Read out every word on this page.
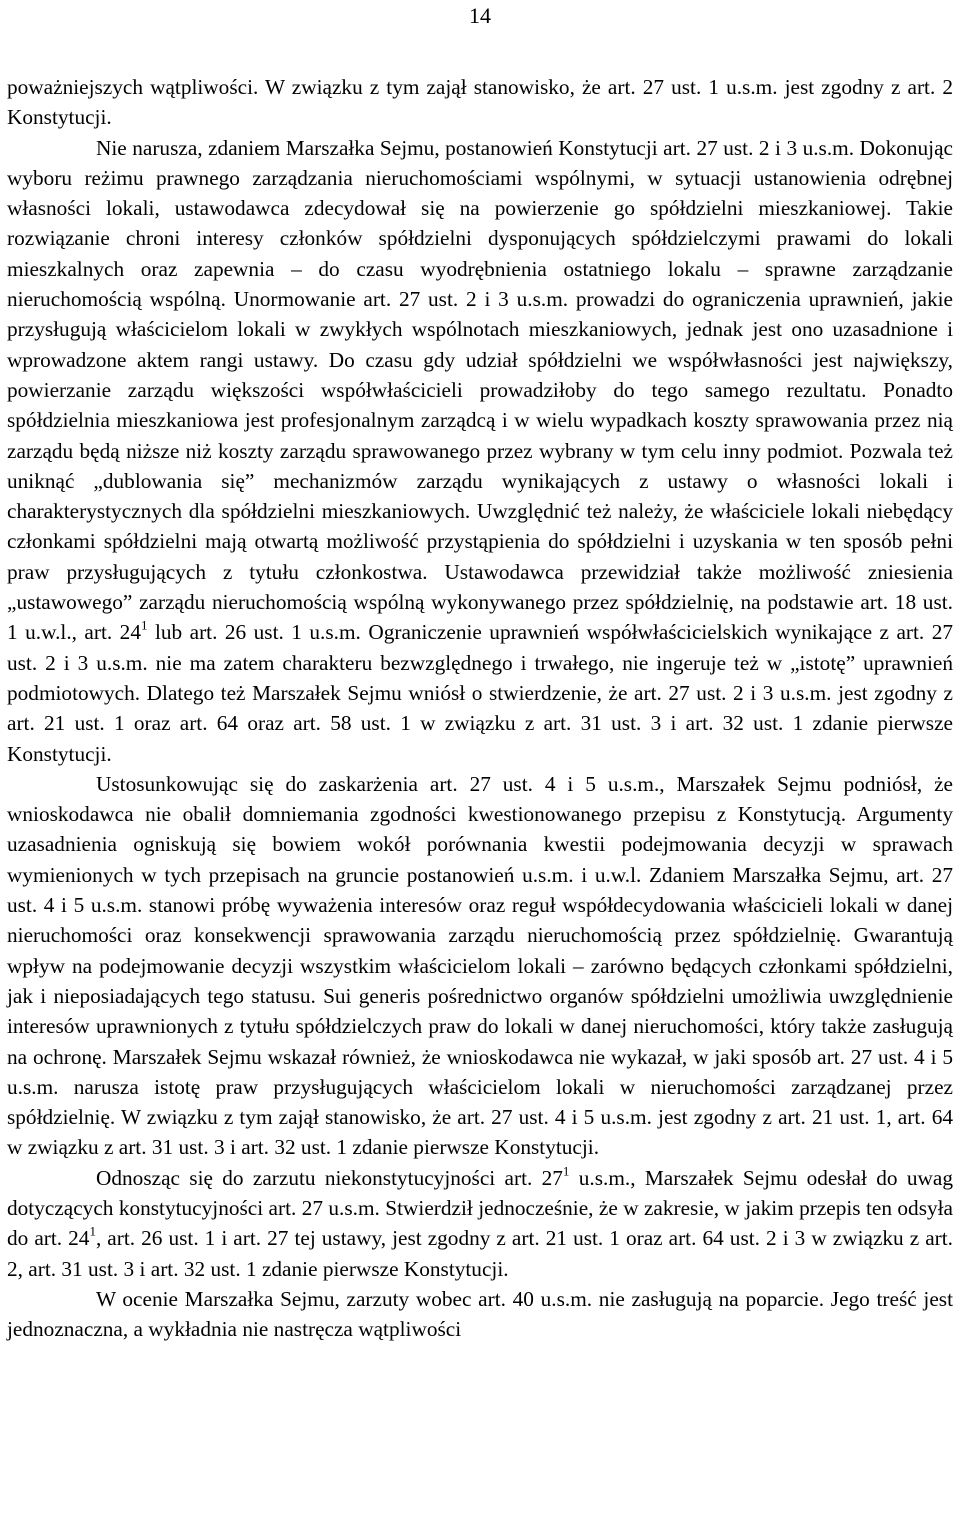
14

poważniejszych wątpliwości. W związku z tym zajął stanowisko, że art. 27 ust. 1 u.s.m. jest zgodny z art. 2 Konstytucji.

Nie narusza, zdaniem Marszałka Sejmu, postanowień Konstytucji art. 27 ust. 2 i 3 u.s.m. Dokonując wyboru reżimu prawnego zarządzania nieruchomościami wspólnymi, w sytuacji ustanowienia odrębnej własności lokali, ustawodawca zdecydował się na powierzenie go spółdzielni mieszkaniowej. Takie rozwiązanie chroni interesy członków spółdzielni dysponujących spółdzielczymi prawami do lokali mieszkalnych oraz zapewnia – do czasu wyodrębnienia ostatniego lokalu – sprawne zarządzanie nieruchomością wspólną. Unormowanie art. 27 ust. 2 i 3 u.s.m. prowadzi do ograniczenia uprawnień, jakie przysługują właścicielom lokali w zwykłych wspólnotach mieszkaniowych, jednak jest ono uzasadnione i wprowadzone aktem rangi ustawy. Do czasu gdy udział spółdzielni we współwłasności jest największy, powierzanie zarządu większości współwłaścicieli prowadziłoby do tego samego rezultatu. Ponadto spółdzielnia mieszkaniowa jest profesjonalnym zarządcą i w wielu wypadkach koszty sprawowania przez nią zarządu będą niższe niż koszty zarządu sprawowanego przez wybrany w tym celu inny podmiot. Pozwala też uniknąć „dublowania się” mechanizmów zarządu wynikających z ustawy o własności lokali i charakterystycznych dla spółdzielni mieszkaniowych. Uwzględnić też należy, że właściciele lokali niebędący członkami spółdzielni mają otwartą możliwość przystąpienia do spółdzielni i uzyskania w ten sposób pełni praw przysługujących z tytułu członkostwa. Ustawodawca przewidział także możliwość zniesienia „ustawowego” zarządu nieruchomością wspólną wykonywanego przez spółdzielnię, na podstawie art. 18 ust. 1 u.w.l., art. $24^1$ lub art. 26 ust. 1 u.s.m. Ograniczenie uprawnień współwłaścicielskich wynikające z art. 27 ust. 2 i 3 u.s.m. nie ma zatem charakteru bezwzględnego i trwałego, nie ingeruje też w „istotę” uprawnień podmiotowych. Dlatego też Marszałek Sejmu wniósł o stwierdzenie, że art. 27 ust. 2 i 3 u.s.m. jest zgodny z art. 21 ust. 1 oraz art. 64 oraz art. 58 ust. 1 w związku z art. 31 ust. 3 i art. 32 ust. 1 zdanie pierwsze Konstytucji.

Ustosunkowując się do zaskarżenia art. 27 ust. 4 i 5 u.s.m., Marszałek Sejmu podniósł, że wnioskodawca nie obalił domniemania zgodności kwestionowanego przepisu z Konstytucją. Argumenty uzasadnienia ogniskują się bowiem wokół porównania kwestii podejmowania decyzji w sprawach wymienionych w tych przepisach na gruncie postanowień u.s.m. i u.w.l. Zdaniem Marszałka Sejmu, art. 27 ust. 4 i 5 u.s.m. stanowi próbę wyważenia interesów oraz reguł współdecydowania właścicieli lokali w danej nieruchomości oraz konsekwencji sprawowania zarządu nieruchomością przez spółdzielnię. Gwarantują wpływ na podejmowanie decyzji wszystkim właścicielom lokali – zarówno będących członkami spółdzielni, jak i nieposiadających tego statusu. Sui generis pośrednictwo organów spółdzielni umożliwia uwzględnienie interesów uprawnionych z tytułu spółdzielczych praw do lokali w danej nieruchomości, który także zasługują na ochronę. Marszałek Sejmu wskazał również, że wnioskodawca nie wykazał, w jaki sposób art. 27 ust. 4 i 5 u.s.m. narusza istotę praw przysługujących właścicielom lokali w nieruchomości zarządzanej przez spółdzielnię. W związku z tym zajął stanowisko, że art. 27 ust. 4 i 5 u.s.m. jest zgodny z art. 21 ust. 1, art. 64 w związku z art. 31 ust. 3 i art. 32 ust. 1 zdanie pierwsze Konstytucji.

Odnosząc się do zarzutu niekonstytucyjności art. $27^1$ u.s.m., Marszałek Sejmu odesłał do uwag dotyczących konstytucyjności art. 27 u.s.m. Stwierdził jednocześnie, że w zakresie, w jakim przepis ten odsyła do art. $24^1$, art. 26 ust. 1 i art. 27 tej ustawy, jest zgodny z art. 21 ust. 1 oraz art. 64 ust. 2 i 3 w związku z art. 2, art. 31 ust. 3 i art. 32 ust. 1 zdanie pierwsze Konstytucji.

W ocenie Marszałka Sejmu, zarzuty wobec art. 40 u.s.m. nie zasługują na poparcie. Jego treść jest jednoznaczna, a wykładnia nie nastręcza wątpliwości
